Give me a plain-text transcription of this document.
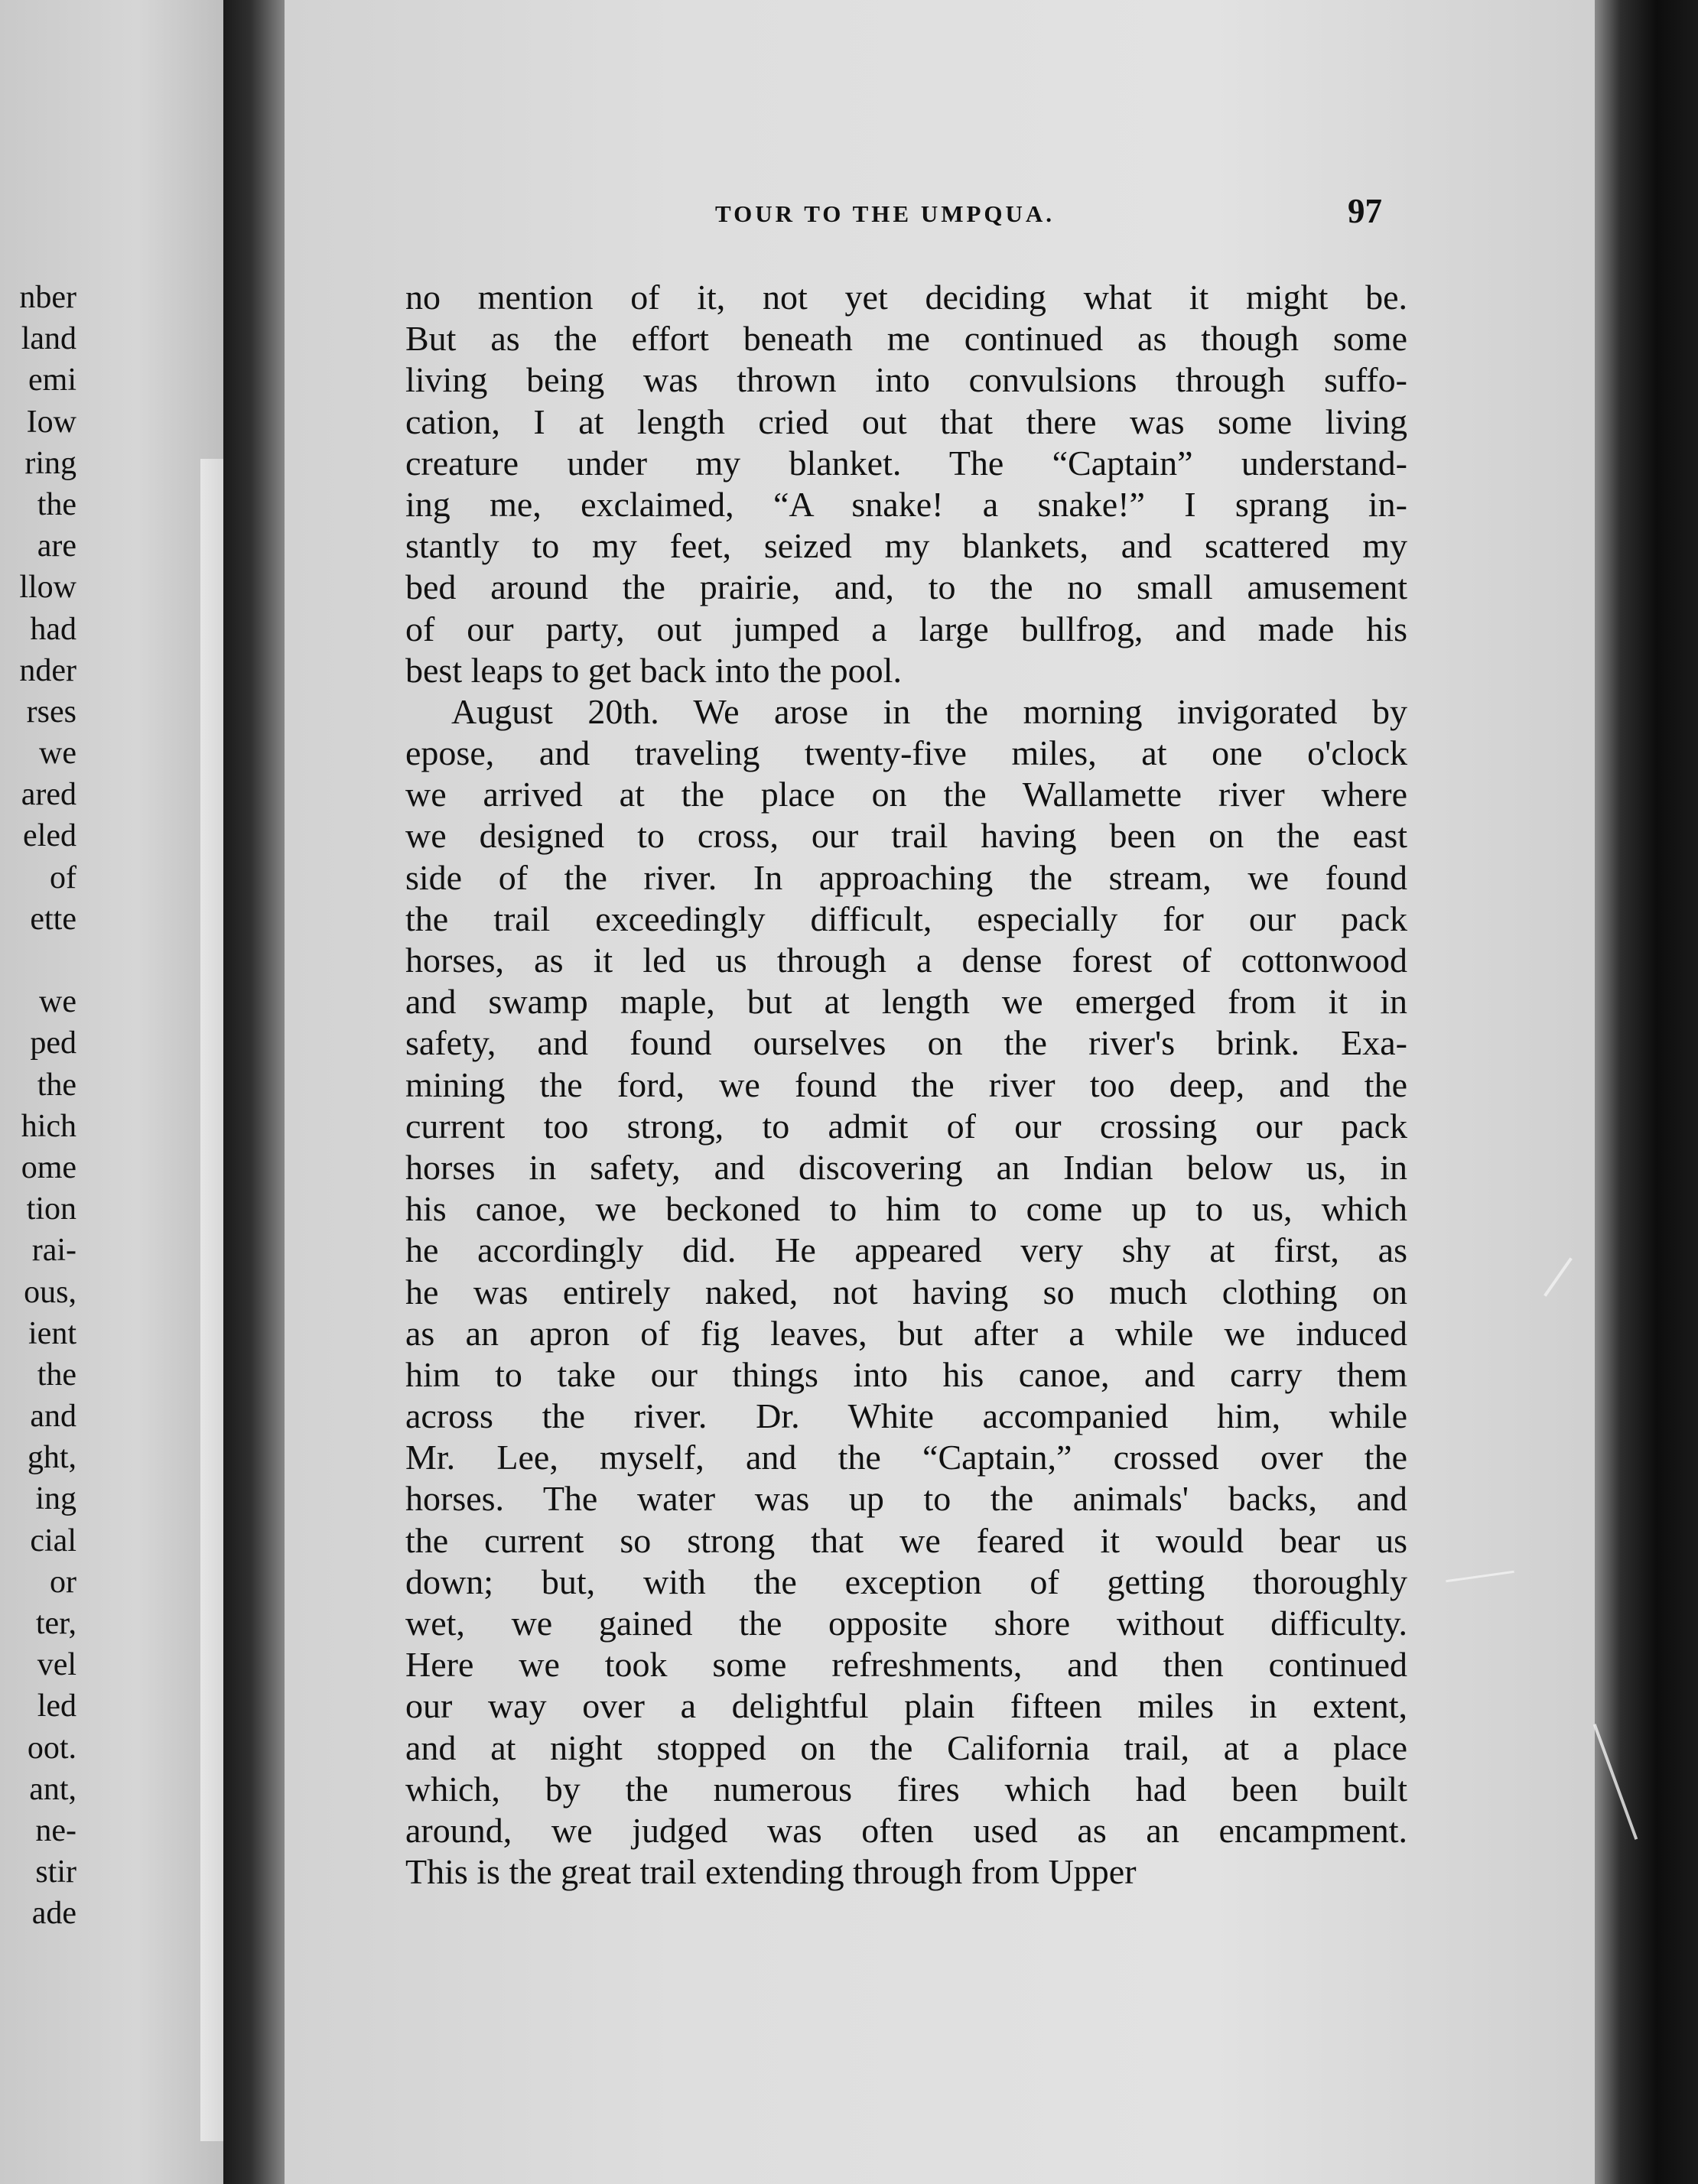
nber
land
emi
Iow
ring
the
are
llow
had
nder
rses
we
ared
eled
of
ette
we
ped
the
hich
ome
tion
rai-
ous,
ient
the
and
ght,
ing
cial
or
ter,
vel
led
oot.
ant,
ne-
stir
ade
TOUR TO THE UMPQUA.	97
no mention of it, not yet deciding what it might be.
But as the effort beneath me continued as though some
living being was thrown into convulsions through suffo-
cation, I at length cried out that there was some living
creature under my blanket. The “Captain” understand-
ing me, exclaimed, “A snake! a snake!” I sprang in-
stantly to my feet, seized my blankets, and scattered my
bed around the prairie, and, to the no small amusement
of our party, out jumped a large bullfrog, and made his
best leaps to get back into the pool.
August 20th. We arose in the morning invigorated by
epose, and traveling twenty-five miles, at one o'clock
we arrived at the place on the Wallamette river where
we designed to cross, our trail having been on the east
side of the river. In approaching the stream, we found
the trail exceedingly difficult, especially for our pack
horses, as it led us through a dense forest of cottonwood
and swamp maple, but at length we emerged from it in
safety, and found ourselves on the river's brink. Exa-
mining the ford, we found the river too deep, and the
current too strong, to admit of our crossing our pack
horses in safety, and discovering an Indian below us, in
his canoe, we beckoned to him to come up to us, which
he accordingly did. He appeared very shy at first, as
he was entirely naked, not having so much clothing on
as an apron of fig leaves, but after a while we induced
him to take our things into his canoe, and carry them
across the river. Dr. White accompanied him, while
Mr. Lee, myself, and the “Captain,” crossed over the
horses. The water was up to the animals' backs, and
the current so strong that we feared it would bear us
down; but, with the exception of getting thoroughly
wet, we gained the opposite shore without difficulty.
Here we took some refreshments, and then continued
our way over a delightful plain fifteen miles in extent,
and at night stopped on the California trail, at a place
which, by the numerous fires which had been built
around, we judged was often used as an encampment.
This is the great trail extending through from Upper
